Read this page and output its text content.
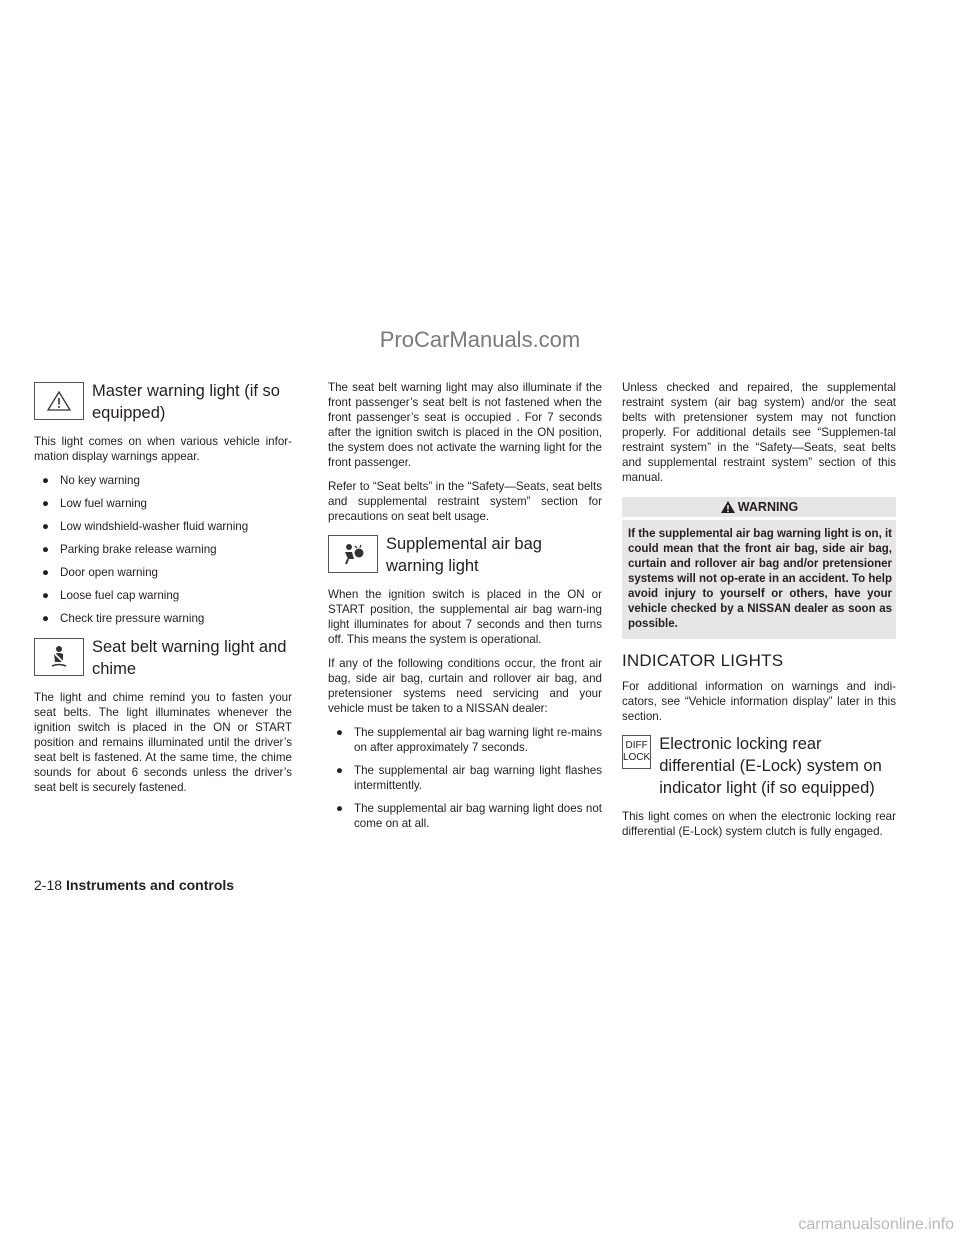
ProCarManuals.com
Master warning light (if so equipped)

This light comes on when various vehicle infor-mation display warnings appear.

● No key warning
● Low fuel warning
● Low windshield-washer fluid warning
● Parking brake release warning
● Door open warning
● Loose fuel cap warning
● Check tire pressure warning
Seat belt warning light and chime

The light and chime remind you to fasten your seat belts. The light illuminates whenever the ignition switch is placed in the ON or START position and remains illuminated until the driver’s seat belt is fastened. At the same time, the chime sounds for about 6 seconds unless the driver’s seat belt is securely fastened.

The seat belt warning light may also illuminate if the front passenger’s seat belt is not fastened when the front passenger’s seat is occupied . For 7 seconds after the ignition switch is placed in the ON position, the system does not activate the warning light for the front passenger.

Refer to “Seat belts” in the “Safety—Seats, seat belts and supplemental restraint system” section for precautions on seat belt usage.

Supplemental air bag warning light

When the ignition switch is placed in the ON or START position, the supplemental air bag warn-ing light illuminates for about 7 seconds and then turns off. This means the system is operational.

If any of the following conditions occur, the front air bag, side air bag, curtain and rollover air bag, and pretensioner systems need servicing and your vehicle must be taken to a NISSAN dealer:

● The supplemental air bag warning light re-mains on after approximately 7 seconds.
● The supplemental air bag warning light flashes intermittently.
● The supplemental air bag warning light does not come on at all.

Unless checked and repaired, the supplemental restraint system (air bag system) and/or the seat belts with pretensioner system may not function properly. For additional details see “Supplemen-tal restraint system” in the “Safety—Seats, seat belts and supplemental restraint system” section of this manual.

WARNING
If the supplemental air bag warning light is on, it could mean that the front air bag, side air bag, curtain and rollover air bag and/or pretensioner systems will not op-erate in an accident. To help avoid injury to yourself or others, have your vehicle checked by a NISSAN dealer as soon as possible.
INDICATOR LIGHTS

For additional information on warnings and indi-cators, see “Vehicle information display” later in this section.

DIFF
LOCK
Electronic locking rear differential (E-Lock) system on indicator light (if so equipped)

This light comes on when the electronic locking rear differential (E-Lock) system clutch is fully engaged.

2-18 Instruments and controls
carmanualsonline.info
